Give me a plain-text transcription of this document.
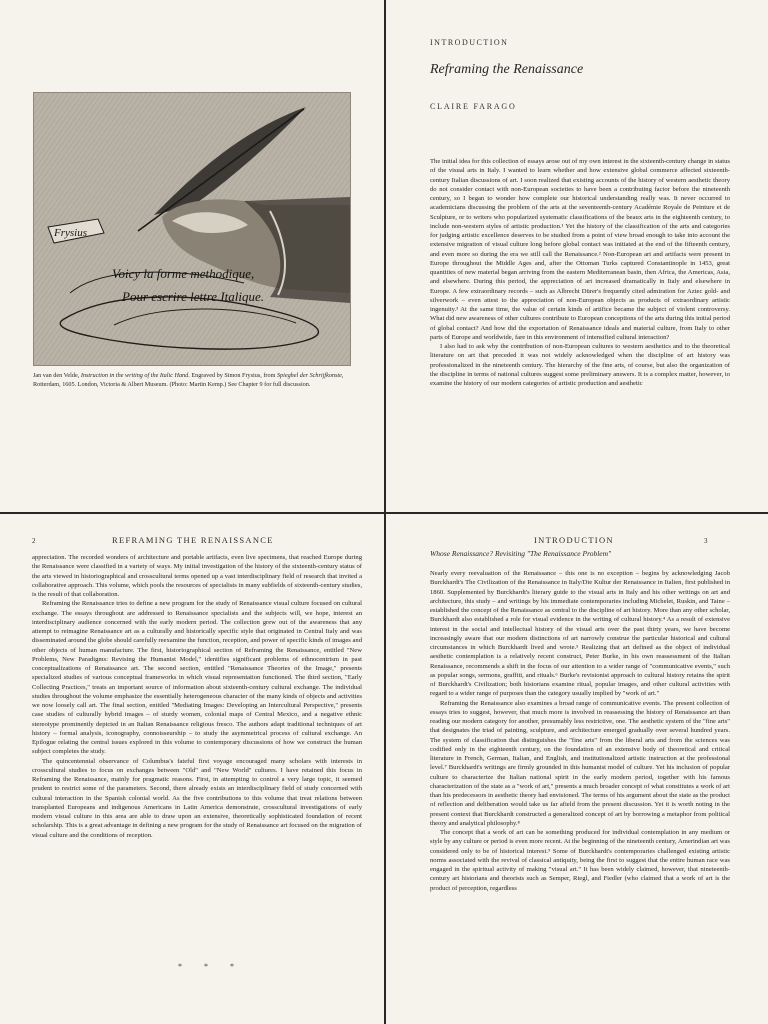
Frysius
Voicy la forme methodique,
Pour escrire lettre Italique.
Jan van den Velde, Instruction in the writing of the Italic Hand. Engraved by Simon Frysius, from Spieghel der Schrijfkonste, Rotterdam, 1605. London, Victoria & Albert Museum. (Photo: Martin Kemp.) See Chapter 9 for full discussion.
INTRODUCTION
Reframing the Renaissance
CLAIRE FARAGO

The initial idea for this collection of essays arose out of my own interest in the sixteenth-century change in status of the visual arts in Italy. I wanted to learn whether and how extensive global commerce affected sixteenth-century Italian discussions of art. I soon realized that existing accounts of the history of western aesthetic theory do not consider contact with non-European societies to have been a contributing factor before the nineteenth century, so I began to wonder how complete our historical understanding really was. It never occurred to academicians discussing the problem of the arts at the seventeenth-century Académie Royale de Peinture et de Sculpture, or to writers who popularized systematic classifications of the beaux arts in the eighteenth century, to include non-western styles of artistic production.¹ Yet the history of the classification of the arts and categories for judging artistic excellence deserves to be studied from a point of view broad enough to take into account the extensive migration of visual culture long before global contact was initiated at the end of the fifteenth century, and even more so during the era we still call the Renaissance.² Non-European art and artifacts were present in Europe throughout the Middle Ages and, after the Ottoman Turks captured Constantinople in 1453, great quantities of new material began arriving from the eastern Mediterranean basin, then Africa, the Americas, Asia, and elsewhere. During this period, the appreciation of art increased dramatically in Italy and elsewhere in Europe. A few extraordinary records – such as Albrecht Dürer's frequently cited admiration for Aztec gold- and silverwork – even attest to the appreciation of non-European objects as products of extraordinary artistic ingenuity.³ At the same time, the value of certain kinds of artifice became the subject of violent controversy. What did new awareness of other cultures contribute to European conceptions of the arts during this initial period of global contact? And how did the exportation of Renaissance ideals and material culture, from Italy to other parts of Europe and worldwide, fare in this environment of intensified cultural interaction?

I also had to ask why the contribution of non-European cultures to western aesthetics and to the theoretical literature on art that preceded it was not widely acknowledged when the discipline of art history was professionalized in the nineteenth century. The hierarchy of the fine arts, of course, but also the organization of the discipline in terms of national cultures suggest some preliminary answers. It is a complex matter, however, to examine the history of our modern categories of artistic production and aesthetic

2	REFRAMING THE RENAISSANCE

appreciation. The recorded wonders of architecture and portable artifacts, even live specimens, that reached Europe during the Renaissance were classified in a variety of ways. My initial investigation of the history of the sixteenth-century status of the arts viewed in historiographical and crosscultural terms opened up a vast interdisciplinary field of research that invited a collaborative approach. This volume, which pools the resources of specialists in many subfields of sixteenth-century studies, is the result of that collaboration.

Reframing the Renaissance tries to define a new program for the study of Renaissance visual culture focused on cultural exchange. The essays throughout are addressed to Renaissance specialists and the subjects will, we hope, interest an interdisciplinary audience concerned with the early modern period. The collection grew out of the awareness that any attempt to reimagine Renaissance art as a culturally and historically specific style that originated in Central Italy and was disseminated around the globe should carefully reexamine the function, reception, and power of specific kinds of images and other objects of human manufacture. The first, historiographical section of Reframing the Renaissance, entitled "New Problems, New Paradigms: Revising the Humanist Model," identifies significant problems of ethnocentrism in past conceptualizations of Renaissance art. The second section, entitled "Renaissance Theories of the Image," presents specialized studies of various conceptual frameworks in which visual representation functioned. The third section, "Early Collecting Practices," treats an important source of information about sixteenth-century cultural exchange. The individual studies throughout the volume emphasize the essentially heterogeneous character of the many kinds of objects and activities we now loosely call art. The final section, entitled "Mediating Images: Developing an Intercultural Perspective," presents case studies of culturally hybrid images – of sturdy women, colonial maps of Central Mexico, and a negative ethnic stereotype prominently depicted in an Italian Renaissance religious fresco. The authors adapt traditional techniques of art history – formal analysis, iconography, connoisseurship – to study the asymmetrical process of cultural exchange. An Epilogue relating the central issues explored in this volume to contemporary discussions of how we construct the human subject completes the study.

The quincentennial observance of Columbus's fateful first voyage encouraged many scholars with interests in crosscultural studies to focus on exchanges between "Old" and "New World" cultures. I have retained this focus in Reframing the Renaissance, mainly for pragmatic reasons. First, in attempting to control a very large topic, it seemed prudent to restrict some of the parameters. Second, there already exists an interdisciplinary field of study concerned with cultural interaction in the Spanish colonial world. As the five contributions to this volume that treat relations between transplanted Europeans and indigenous Americans in Latin America demonstrate, crosscultural investigations of early modern visual culture in this area are able to draw upon an extensive, theoretically sophisticated foundation of recent scholarship. This is a great advantage in defining a new program for the study of Renaissance art focused on the migration of visual culture and the conditions of reception.

* * *
INTRODUCTION	3
Whose Renaissance? Revisiting "The Renaissance Problem"

Nearly every reevaluation of the Renaissance – this one is no exception – begins by acknowledging Jacob Burckhardt's The Civilization of the Renaissance in Italy/Die Kultur der Renaissance in Italien, first published in 1860. Supplemented by Burckhardt's literary guide to the visual arts in Italy and his other writings on art and architecture, this study – and writings by his immediate contemporaries including Michelet, Ruskin, and Taine – established the concept of the Renaissance as central to the discipline of art history. More than any other scholar, Burckhardt also established a role for visual evidence in the writing of cultural history.⁴ As a result of extensive interest in the social and intellectual history of the visual arts over the past thirty years, we have become increasingly aware that our modern distinctions of art narrowly construe the particular historical and cultural circumstances in which Burckhardt lived and wrote.⁵ Realizing that art defined as the object of individual aesthetic contemplation is a relatively recent construct, Peter Burke, in his own reassessment of the Italian Renaissance, recommends a shift in the focus of our attention to a wider range of "communicative events," such as popular songs, sermons, graffiti, and rituals.⁶ Burke's revisionist approach to cultural history retains the spirit of Burckhardt's Civilization; both historians examine ritual, popular images, and other cultural activities with regard to a wider range of purposes than the category usually implied by "work of art."

Reframing the Renaissance also examines a broad range of communicative events. The present collection of essays tries to suggest, however, that much more is involved in reassessing the history of Renaissance art than reading our modern category for another, presumably less restrictive, one. The aesthetic system of the "fine arts" that designates the triad of painting, sculpture, and architecture emerged gradually over several hundred years. The system of classification that distinguishes the "fine arts" from the liberal arts and from the sciences was codified only in the eighteenth century, on the foundation of an extensive body of theoretical and critical literature in French, German, Italian, and English, and institutionalized artistic instruction at the professional level.⁷ Burckhardt's writings are firmly grounded in this humanist model of culture. Yet his inclusion of popular culture to characterize the Italian national spirit in the early modern period, together with his famous characterization of the state as a "work of art," presents a much broader concept of what constitutes a work of art than his predecessors in aesthetic theory had envisioned. The terms of his argument about the state as the product of reflection and deliberation would take us far afield from the present discussion. Yet it is worth noting in the present context that Burckhardt constructed a generalized concept of art by borrowing a metaphor from political theory and analytical philosophy.⁸

The concept that a work of art can be something produced for individual contemplation in any medium or style by any culture or period is even more recent. At the beginning of the nineteenth century, Amerindian art was considered only to be of historical interest.⁹ Some of Burckhardt's contemporaries challenged existing artistic norms associated with the revival of classical antiquity, being the first to suggest that the entire human race was engaged in the spiritual activity of making "visual art." It has been widely claimed, however, that nineteenth-century art historians and theorists such as Semper, Riegl, and Fiedler (who claimed that a work of art is the product of perception, regardless
